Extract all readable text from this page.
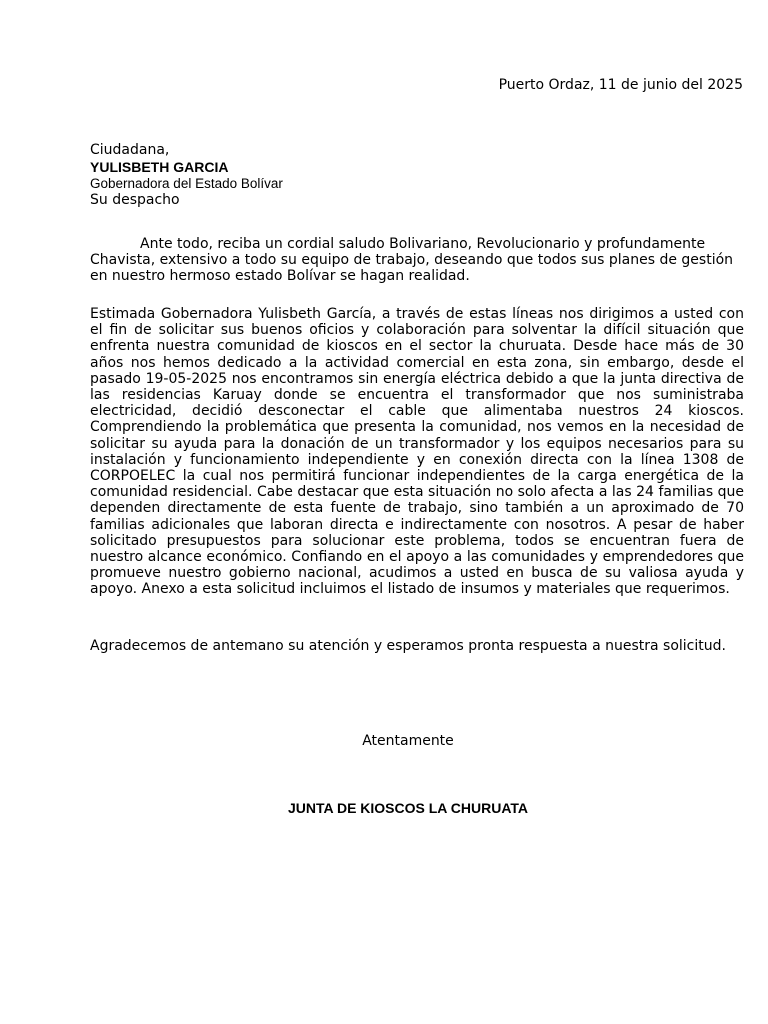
Puerto Ordaz, 11 de junio del 2025
Ciudadana,
YULISBETH GARCIA
Gobernadora del Estado Bolívar
Su despacho

Ante todo, reciba un cordial saludo Bolivariano, Revolucionario y profundamente Chavista, extensivo a todo su equipo de trabajo, deseando que todos sus planes de gestión en nuestro hermoso estado Bolívar se hagan realidad.

Estimada Gobernadora Yulisbeth García, a través de estas líneas nos dirigimos a usted con el fin de solicitar sus buenos oficios y colaboración para solventar la difícil situación que enfrenta nuestra comunidad de kioscos en el sector la churuata. Desde hace más de 30 años nos hemos dedicado a la actividad comercial en esta zona, sin embargo, desde el pasado 19-05-2025 nos encontramos sin energía eléctrica debido a que la junta directiva de las residencias Karuay donde se encuentra el transformador que nos suministraba electricidad, decidió desconectar el cable que alimentaba nuestros 24 kioscos. Comprendiendo la problemática que presenta la comunidad, nos vemos en la necesidad de solicitar su ayuda para la donación de un transformador y los equipos necesarios para su instalación y funcionamiento independiente y en conexión directa con la línea 1308 de CORPOELEC la cual nos permitirá funcionar independientes de la carga energética de la comunidad residencial. Cabe destacar que esta situación no solo afecta a las 24 familias que dependen directamente de esta fuente de trabajo, sino también a un aproximado de 70 familias adicionales que laboran directa e indirectamente con nosotros. A pesar de haber solicitado presupuestos para solucionar este problema, todos se encuentran fuera de nuestro alcance económico. Confiando en el apoyo a las comunidades y emprendedores que promueve nuestro gobierno nacional, acudimos a usted en busca de su valiosa ayuda y apoyo. Anexo a esta solicitud incluimos el listado de insumos y materiales que requerimos.

Agradecemos de antemano su atención y esperamos pronta respuesta a nuestra solicitud.

Atentamente
JUNTA DE KIOSCOS LA CHURUATA
